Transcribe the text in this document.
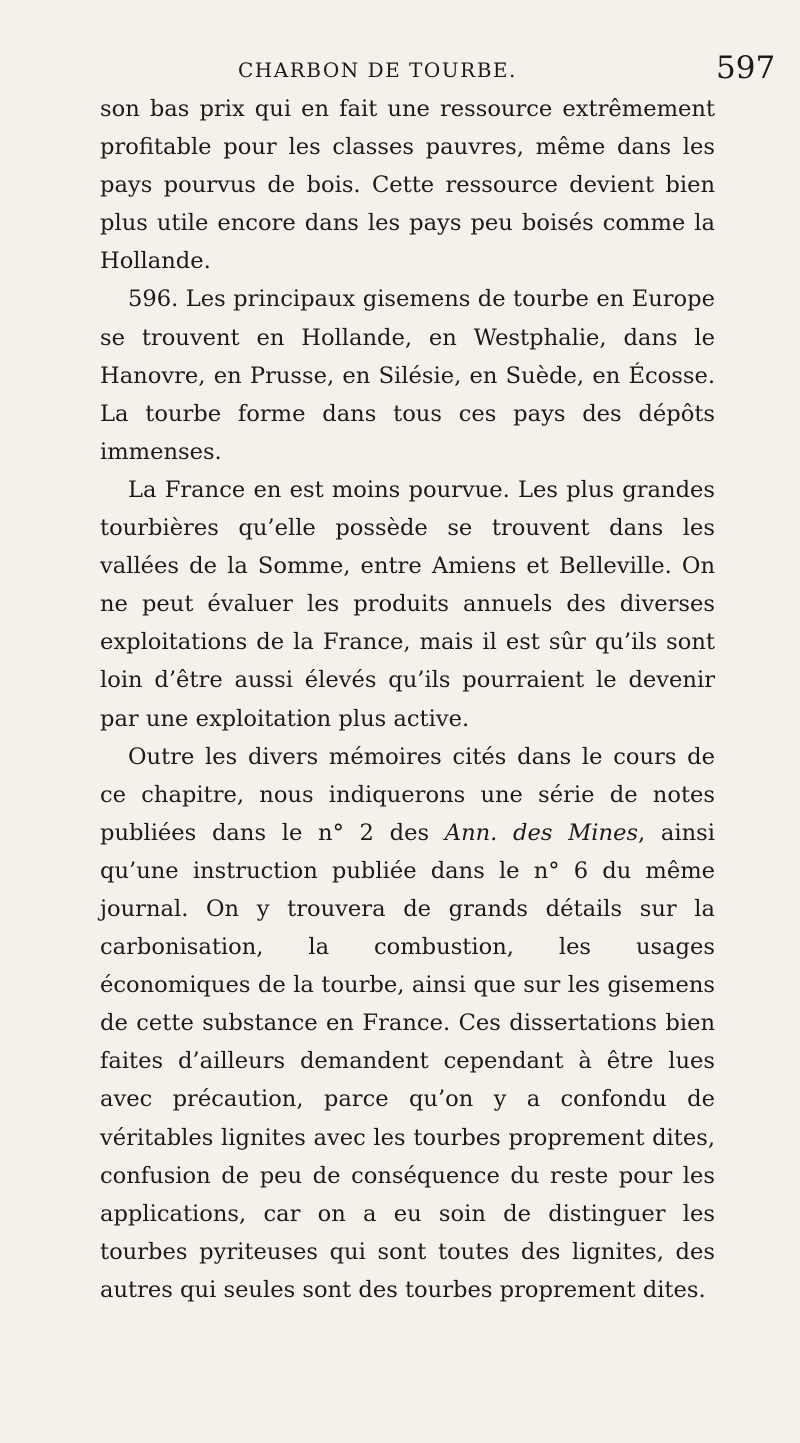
CHARBON DE TOURBE.	597

son bas prix qui en fait une ressource extrêmement profitable pour les classes pauvres, même dans les pays pourvus de bois. Cette ressource devient bien plus utile encore dans les pays peu boisés comme la Hollande.

596. Les principaux gisemens de tourbe en Europe se trouvent en Hollande, en Westphalie, dans le Hanovre, en Prusse, en Silésie, en Suède, en Écosse. La tourbe forme dans tous ces pays des dépôts immenses.

La France en est moins pourvue. Les plus grandes tourbières qu’elle possède se trouvent dans les vallées de la Somme, entre Amiens et Belleville. On ne peut évaluer les produits annuels des diverses exploitations de la France, mais il est sûr qu’ils sont loin d’être aussi élevés qu’ils pourraient le devenir par une exploitation plus active.

Outre les divers mémoires cités dans le cours de ce chapitre, nous indiquerons une série de notes publiées dans le n° 2 des Ann. des Mines, ainsi qu’une instruction publiée dans le n° 6 du même journal. On y trouvera de grands détails sur la carbonisation, la combustion, les usages économiques de la tourbe, ainsi que sur les gisemens de cette substance en France. Ces dissertations bien faites d’ailleurs demandent cependant à être lues avec précaution, parce qu’on y a confondu de véritables lignites avec les tourbes proprement dites, confusion de peu de conséquence du reste pour les applications, car on a eu soin de distinguer les tourbes pyriteuses qui sont toutes des lignites, des autres qui seules sont des tourbes proprement dites.
